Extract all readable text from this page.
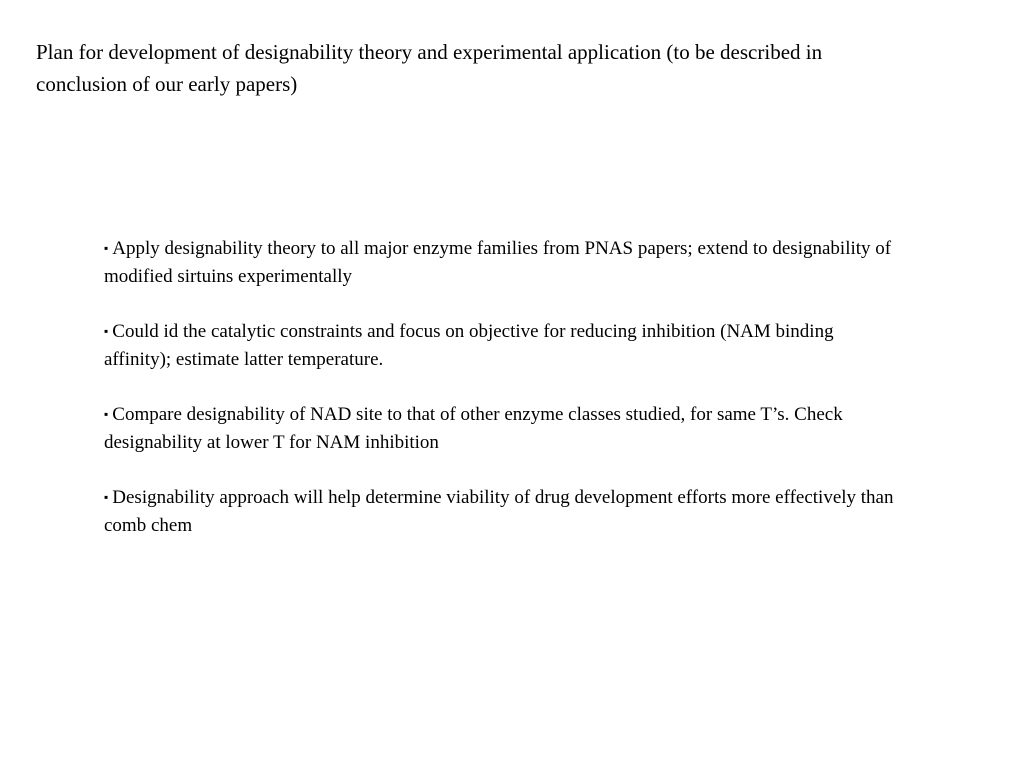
Plan for development of designability theory and experimental application (to be described in conclusion of our early papers)
▪ Apply designability theory to all major enzyme families from PNAS papers; extend to designability of modified sirtuins experimentally
▪ Could id the catalytic constraints and focus on objective for reducing inhibition (NAM binding affinity); estimate latter temperature.
▪ Compare designability of NAD site to that of other enzyme classes studied, for same T’s. Check designability at lower T for NAM inhibition
▪ Designability approach will help determine viability of drug development efforts more effectively than comb chem
